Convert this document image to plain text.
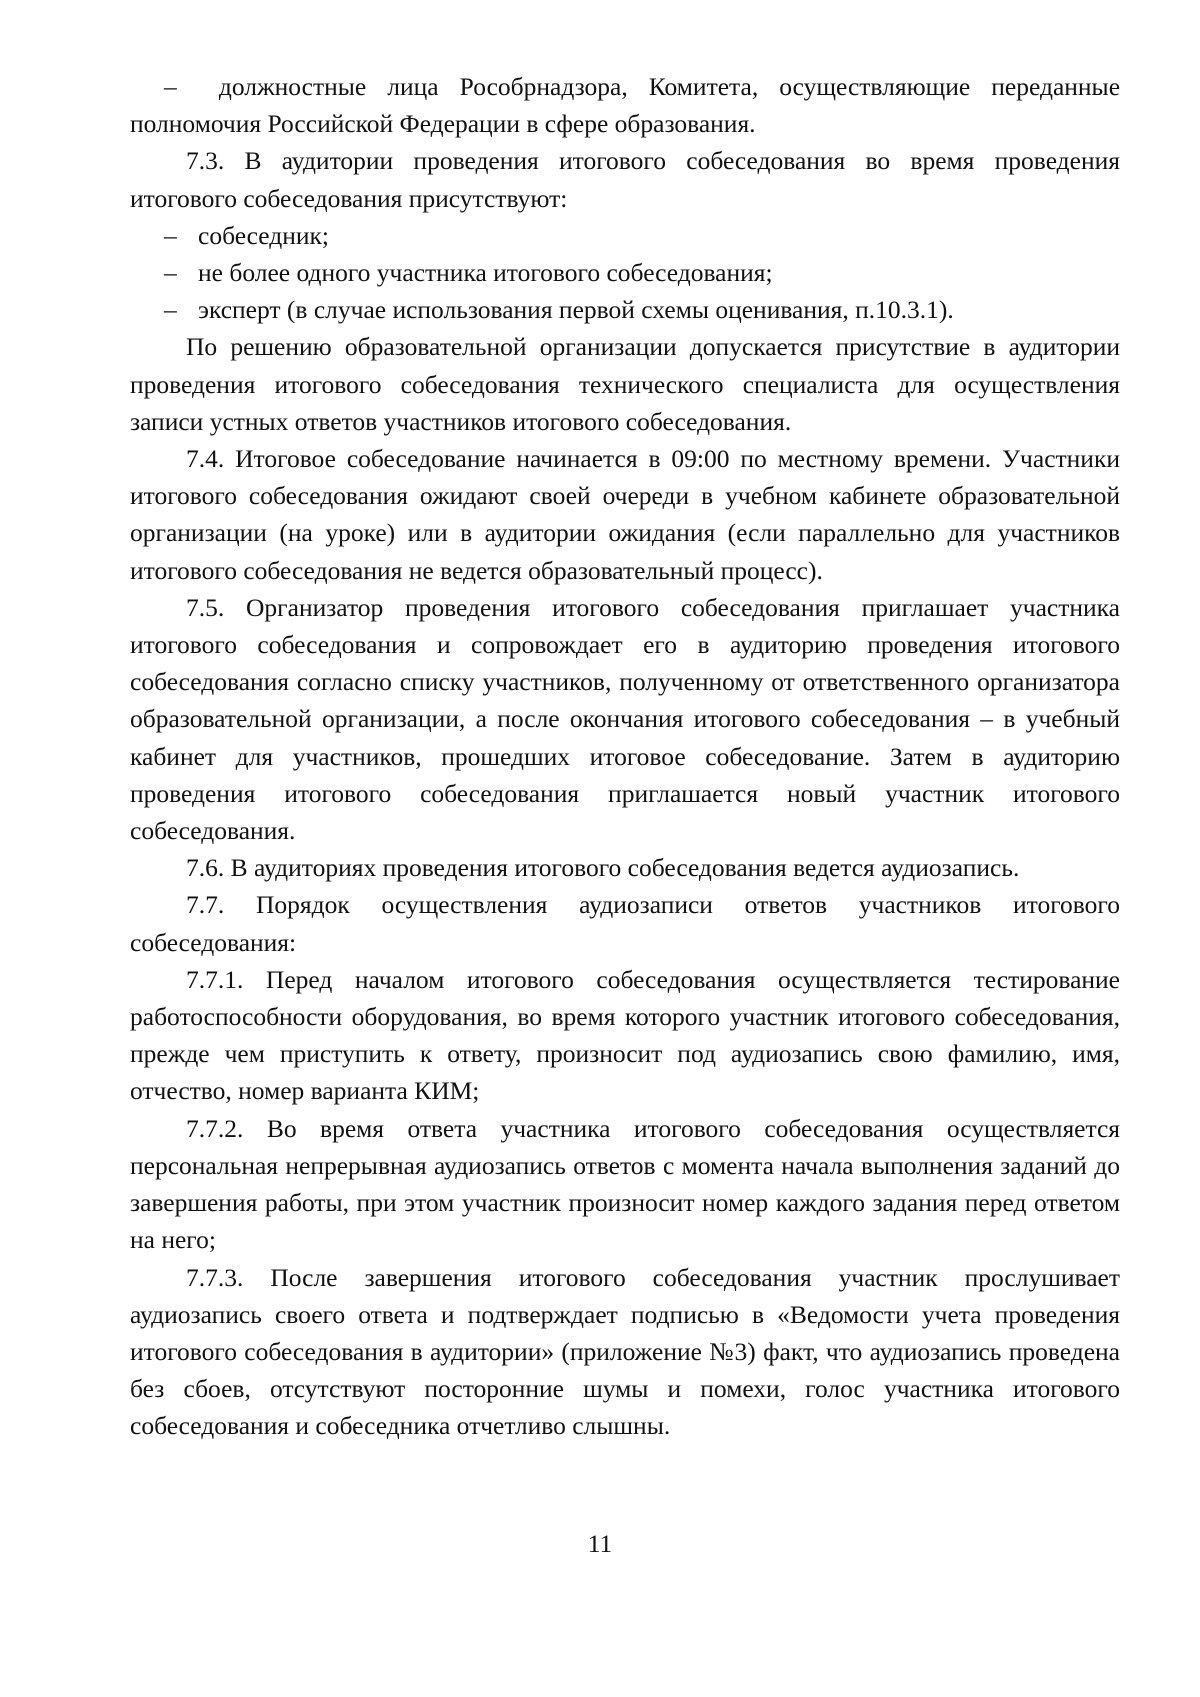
– должностные лица Рособрнадзора, Комитета, осуществляющие переданные полномочия Российской Федерации в сфере образования.

7.3. В аудитории проведения итогового собеседования во время проведения итогового собеседования присутствуют:

– собеседник;

– не более одного участника итогового собеседования;

– эксперт (в случае использования первой схемы оценивания, п.10.3.1).

По решению образовательной организации допускается присутствие в аудитории проведения итогового собеседования технического специалиста для осуществления записи устных ответов участников итогового собеседования.

7.4. Итоговое собеседование начинается в 09:00 по местному времени. Участники итогового собеседования ожидают своей очереди в учебном кабинете образовательной организации (на уроке) или в аудитории ожидания (если параллельно для участников итогового собеседования не ведется образовательный процесс).

7.5. Организатор проведения итогового собеседования приглашает участника итогового собеседования и сопровождает его в аудиторию проведения итогового собеседования согласно списку участников, полученному от ответственного организатора образовательной организации, а после окончания итогового собеседования – в учебный кабинет для участников, прошедших итоговое собеседование. Затем в аудиторию проведения итогового собеседования приглашается новый участник итогового собеседования.

7.6. В аудиториях проведения итогового собеседования ведется аудиозапись.

7.7. Порядок осуществления аудиозаписи ответов участников итогового собеседования:

7.7.1. Перед началом итогового собеседования осуществляется тестирование работоспособности оборудования, во время которого участник итогового собеседования, прежде чем приступить к ответу, произносит под аудиозапись свою фамилию, имя, отчество, номер варианта КИМ;

7.7.2. Во время ответа участника итогового собеседования осуществляется персональная непрерывная аудиозапись ответов с момента начала выполнения заданий до завершения работы, при этом участник произносит номер каждого задания перед ответом на него;

7.7.3. После завершения итогового собеседования участник прослушивает аудиозапись своего ответа и подтверждает подписью в «Ведомости учета проведения итогового собеседования в аудитории» (приложение №3) факт, что аудиозапись проведена без сбоев, отсутствуют посторонние шумы и помехи, голос участника итогового собеседования и собеседника отчетливо слышны.

11
